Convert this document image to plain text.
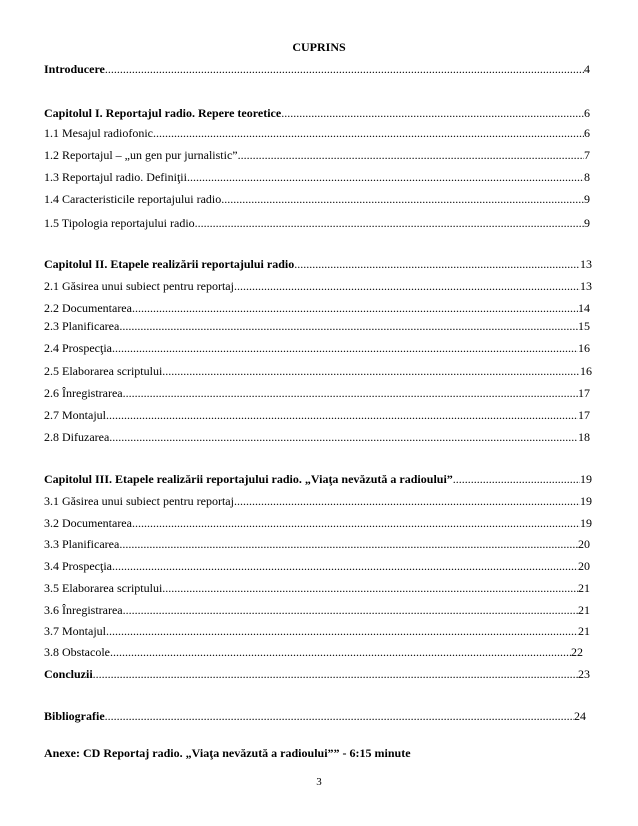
CUPRINS
Introducere .....	4
Capitolul I. Reportajul radio. Repere teoretice .....	6
1.1 Mesajul radiofonic .....	6
1.2 Reportajul – „un gen pur jurnalistic” .....	7
1.3 Reportajul radio. Definiţii .....	8
1.4 Caracteristicile reportajului radio .....	9
1.5 Tipologia reportajului radio .....	9
Capitolul II. Etapele realizării reportajului radio .....	13
2.1 Găsirea unui subiect pentru reportaj .....	13
2.2 Documentarea .....	14
2.3 Planificarea .....	15
2.4 Prospecţia .....	16
2.5 Elaborarea scriptului .....	16
2.6 Înregistrarea .....	17
2.7 Montajul .....	17
2.8 Difuzarea .....	18
Capitolul III. Etapele realizării reportajului radio. „Viaţa nevăzută a radioului” .....	19
3.1 Găsirea unui subiect pentru reportaj .....	19
3.2 Documentarea .....	19
3.3 Planificarea .....	20
3.4 Prospecţia .....	20
3.5 Elaborarea scriptului .....	21
3.6 Înregistrarea .....	21
3.7 Montajul .....	21
3.8 Obstacole .....	22
Concluzii .....	23
Bibliografie .....	24
Anexe: CD Reportaj radio. „Viaţa nevăzută a radioului”” - 6:15 minute
3
